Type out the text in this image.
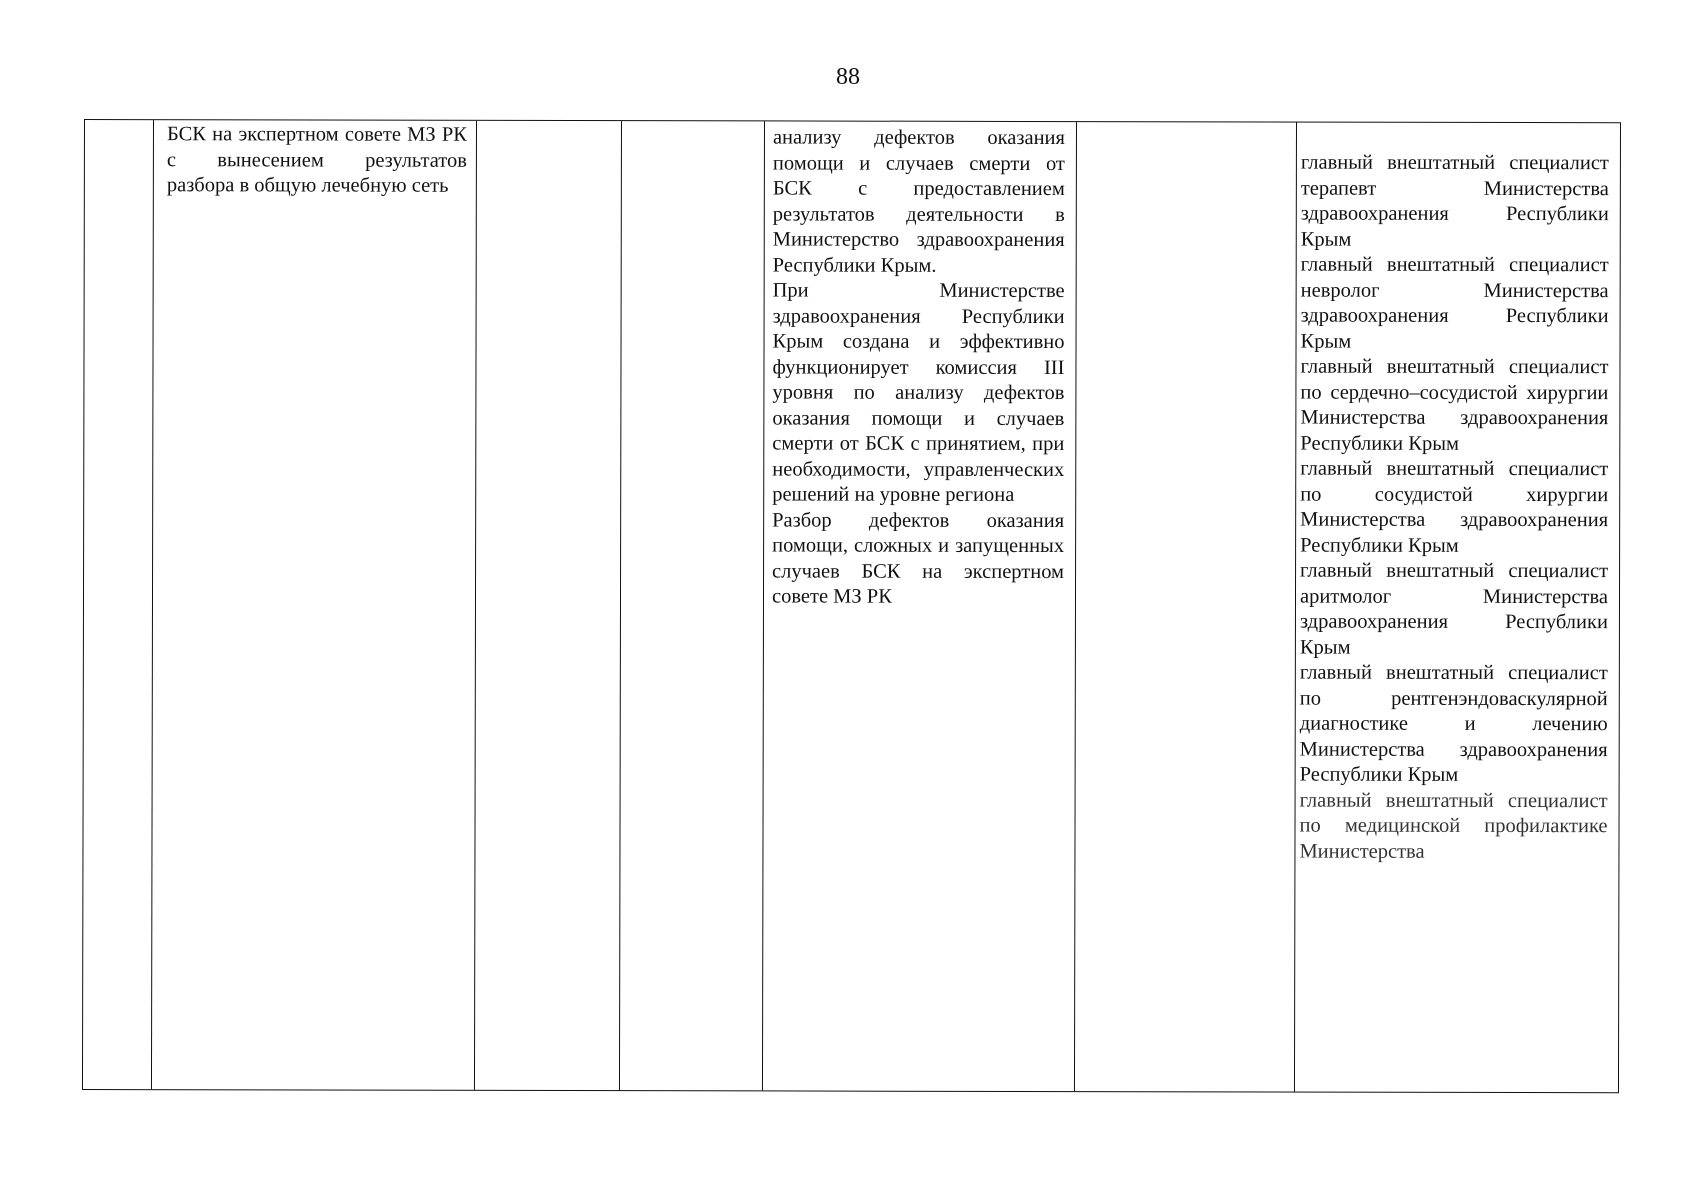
88

БСК на экспертном совете МЗ РК с вынесением результатов разбора в общую лечебную сеть

анализу дефектов оказания помощи и случаев смерти от БСК с предоставлением результатов деятельности в Министерство здравоохранения Республики Крым.

При Министерстве здравоохранения Республики Крым создана и эффективно функционирует комиссия III уровня по анализу дефектов оказания помощи и случаев смерти от БСК с принятием, при необходимости, управленческих решений на уровне региона

Разбор дефектов оказания помощи, сложных и запущенных случаев БСК на экспертном совете МЗ РК

главный внештатный специалист терапевт Министерства здравоохранения Республики Крым

главный внештатный специалист невролог Министерства здравоохранения Республики Крым

главный внештатный специалист по сердечно–сосудистой хирургии Министерства здравоохранения Республики Крым

главный внештатный специалист по сосудистой хирургии Министерства здравоохранения Республики Крым

главный внештатный специалист аритмолог Министерства здравоохранения Республики Крым

главный внештатный специалист по рентгенэндоваскулярной диагностике и лечению Министерства здравоохранения Республики Крым

главный внештатный специалист по медицинской профилактике Министерства
